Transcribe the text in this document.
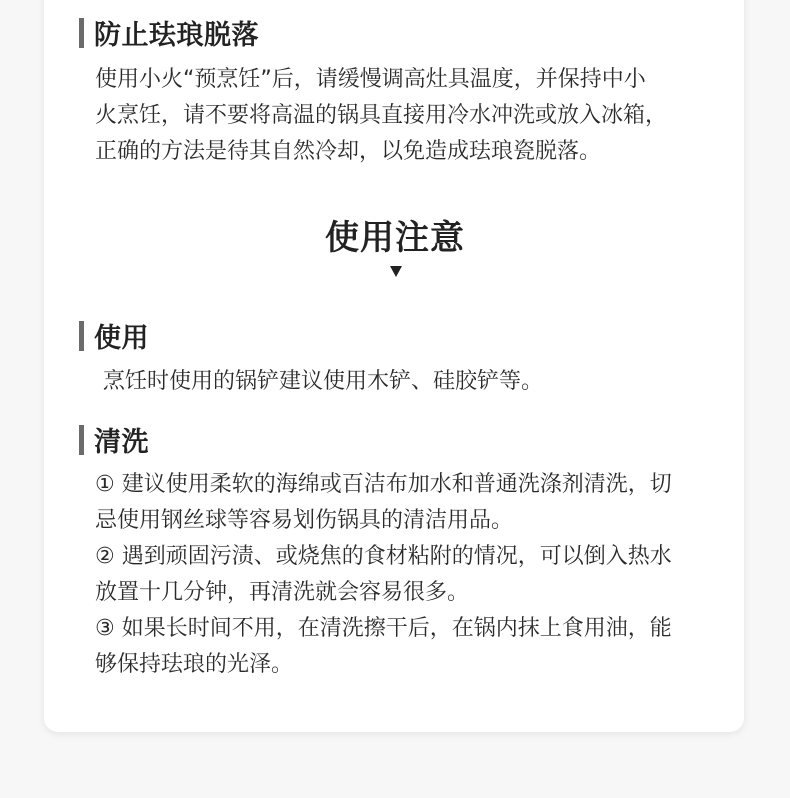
防止珐琅脱落
使用小火“预烹饪”后，请缓慢调高灶具温度，并保持中小
火烹饪，请不要将高温的锅具直接用冷水冲洗或放入冰箱，
正确的方法是待其自然冷却，以免造成珐琅瓷脱落。
使用注意
使用
烹饪时使用的锅铲建议使用木铲、硅胶铲等。
清洗
① 建议使用柔软的海绵或百洁布加水和普通洗涤剂清洗，切
忌使用钢丝球等容易划伤锅具的清洁用品。
② 遇到顽固污渍、或烧焦的食材粘附的情况，可以倒入热水
放置十几分钟，再清洗就会容易很多。
③ 如果长时间不用，在清洗擦干后，在锅内抹上食用油，能
够保持珐琅的光泽。
